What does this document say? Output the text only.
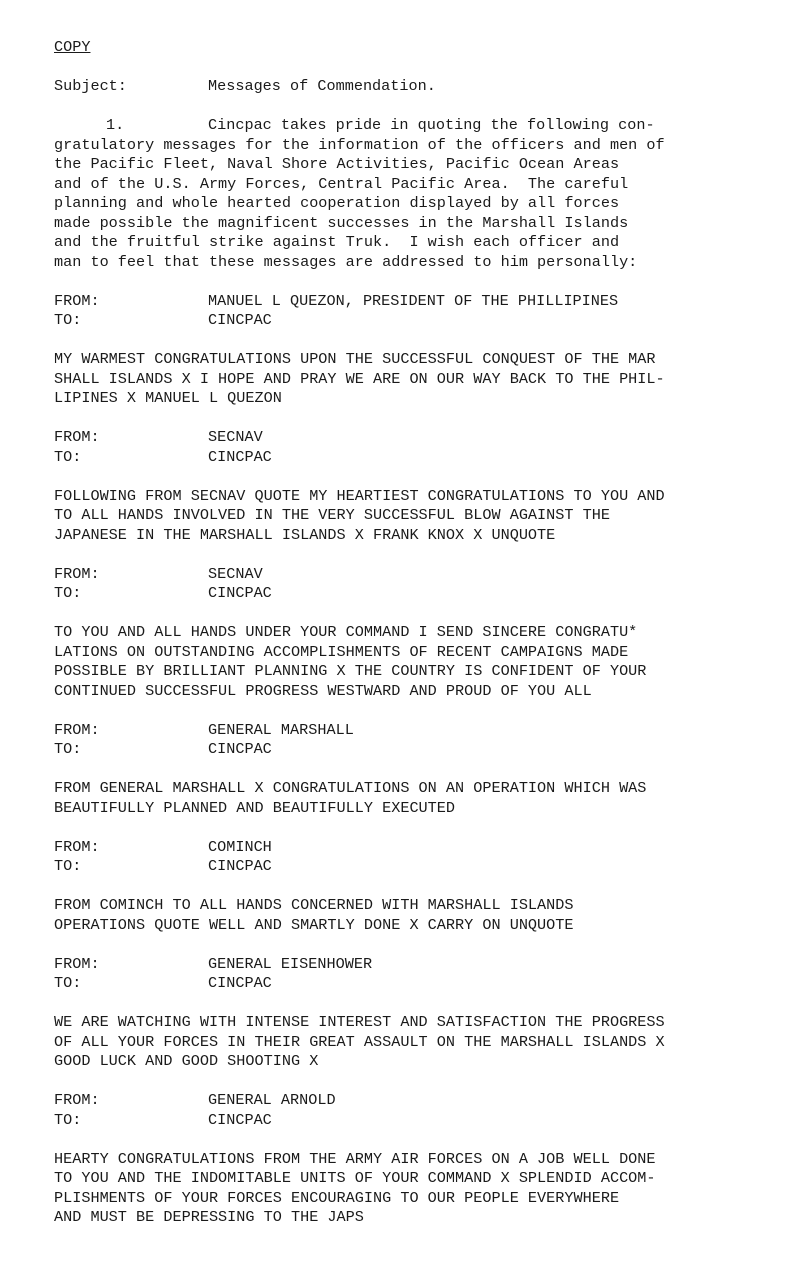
COPY
Subject:	Messages of Commendation.
1.	Cincpac takes pride in quoting the following con-
gratulatory messages for the information of the officers and men of
the Pacific Fleet, Naval Shore Activities, Pacific Ocean Areas
and of the U.S. Army Forces, Central Pacific Area.  The careful
planning and whole hearted cooperation displayed by all forces
made possible the magnificent successes in the Marshall Islands
and the fruitful strike against Truk.  I wish each officer and
man to feel that these messages are addressed to him personally:
FROM:	MANUEL L QUEZON, PRESIDENT OF THE PHILLIPINES
TO:	CINCPAC
MY WARMEST CONGRATULATIONS UPON THE SUCCESSFUL CONQUEST OF THE MAR
SHALL ISLANDS X I HOPE AND PRAY WE ARE ON OUR WAY BACK TO THE PHIL-
LIPINES X MANUEL L QUEZON
FROM:	SECNAV
TO:	CINCPAC
FOLLOWING FROM SECNAV QUOTE MY HEARTIEST CONGRATULATIONS TO YOU AND
TO ALL HANDS INVOLVED IN THE VERY SUCCESSFUL BLOW AGAINST THE
JAPANESE IN THE MARSHALL ISLANDS X FRANK KNOX X UNQUOTE
FROM:	SECNAV
TO:	CINCPAC
TO YOU AND ALL HANDS UNDER YOUR COMMAND I SEND SINCERE CONGRATU*
LATIONS ON OUTSTANDING ACCOMPLISHMENTS OF RECENT CAMPAIGNS MADE
POSSIBLE BY BRILLIANT PLANNING X THE COUNTRY IS CONFIDENT OF YOUR
CONTINUED SUCCESSFUL PROGRESS WESTWARD AND PROUD OF YOU ALL
FROM:	GENERAL MARSHALL
TO:	CINCPAC
FROM GENERAL MARSHALL X CONGRATULATIONS ON AN OPERATION WHICH WAS
BEAUTIFULLY PLANNED AND BEAUTIFULLY EXECUTED
FROM:	COMINCH
TO:	CINCPAC
FROM COMINCH TO ALL HANDS CONCERNED WITH MARSHALL ISLANDS
OPERATIONS QUOTE WELL AND SMARTLY DONE X CARRY ON UNQUOTE
FROM:	GENERAL EISENHOWER
TO:	CINCPAC
WE ARE WATCHING WITH INTENSE INTEREST AND SATISFACTION THE PROGRESS
OF ALL YOUR FORCES IN THEIR GREAT ASSAULT ON THE MARSHALL ISLANDS X
GOOD LUCK AND GOOD SHOOTING X
FROM:	GENERAL ARNOLD
TO:	CINCPAC
HEARTY CONGRATULATIONS FROM THE ARMY AIR FORCES ON A JOB WELL DONE
TO YOU AND THE INDOMITABLE UNITS OF YOUR COMMAND X SPLENDID ACCOM-
PLISHMENTS OF YOUR FORCES ENCOURAGING TO OUR PEOPLE EVERYWHERE
AND MUST BE DEPRESSING TO THE JAPS
